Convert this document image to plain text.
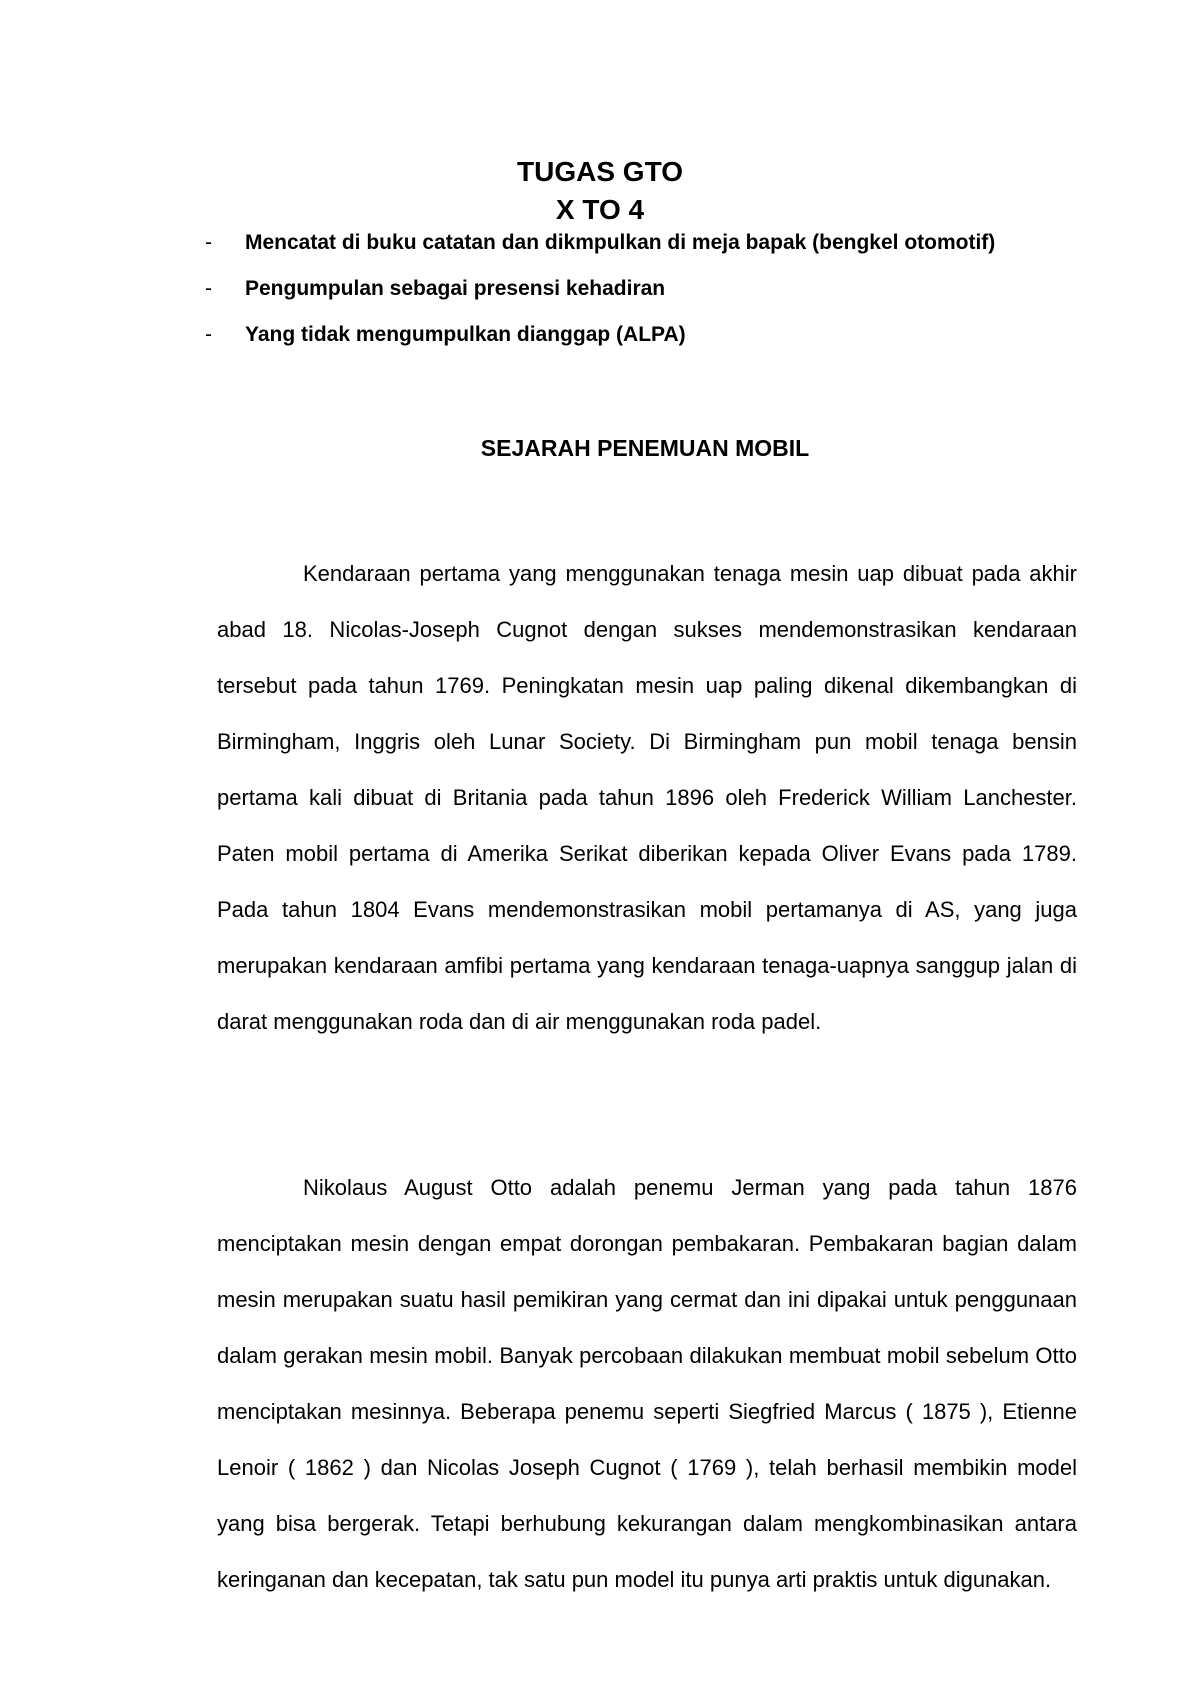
TUGAS GTO
X TO 4
- Mencatat di buku catatan dan dikmpulkan di meja bapak (bengkel otomotif)
- Pengumpulan sebagai presensi kehadiran
- Yang tidak mengumpulkan dianggap (ALPA)
SEJARAH PENEMUAN MOBIL

Kendaraan pertama yang menggunakan tenaga mesin uap dibuat pada akhir abad 18. Nicolas-Joseph Cugnot dengan sukses mendemonstrasikan kendaraan tersebut pada tahun 1769. Peningkatan mesin uap paling dikenal dikembangkan di Birmingham, Inggris oleh Lunar Society. Di Birmingham pun mobil tenaga bensin pertama kali dibuat di Britania pada tahun 1896 oleh Frederick William Lanchester. Paten mobil pertama di Amerika Serikat diberikan kepada Oliver Evans pada 1789. Pada tahun 1804 Evans mendemonstrasikan mobil pertamanya di AS, yang juga merupakan kendaraan amfibi pertama yang kendaraan tenaga-uapnya sanggup jalan di darat menggunakan roda dan di air menggunakan roda padel.

Nikolaus August Otto adalah penemu Jerman yang pada tahun 1876 menciptakan mesin dengan empat dorongan pembakaran. Pembakaran bagian dalam mesin merupakan suatu hasil pemikiran yang cermat dan ini dipakai untuk penggunaan dalam gerakan mesin mobil. Banyak percobaan dilakukan membuat mobil sebelum Otto menciptakan mesinnya. Beberapa penemu seperti Siegfried Marcus ( 1875 ), Etienne Lenoir ( 1862 ) dan Nicolas Joseph Cugnot ( 1769 ), telah berhasil membikin model yang bisa bergerak. Tetapi berhubung kekurangan dalam mengkombinasikan antara keringanan dan kecepatan, tak satu pun model itu punya arti praktis untuk digunakan.
